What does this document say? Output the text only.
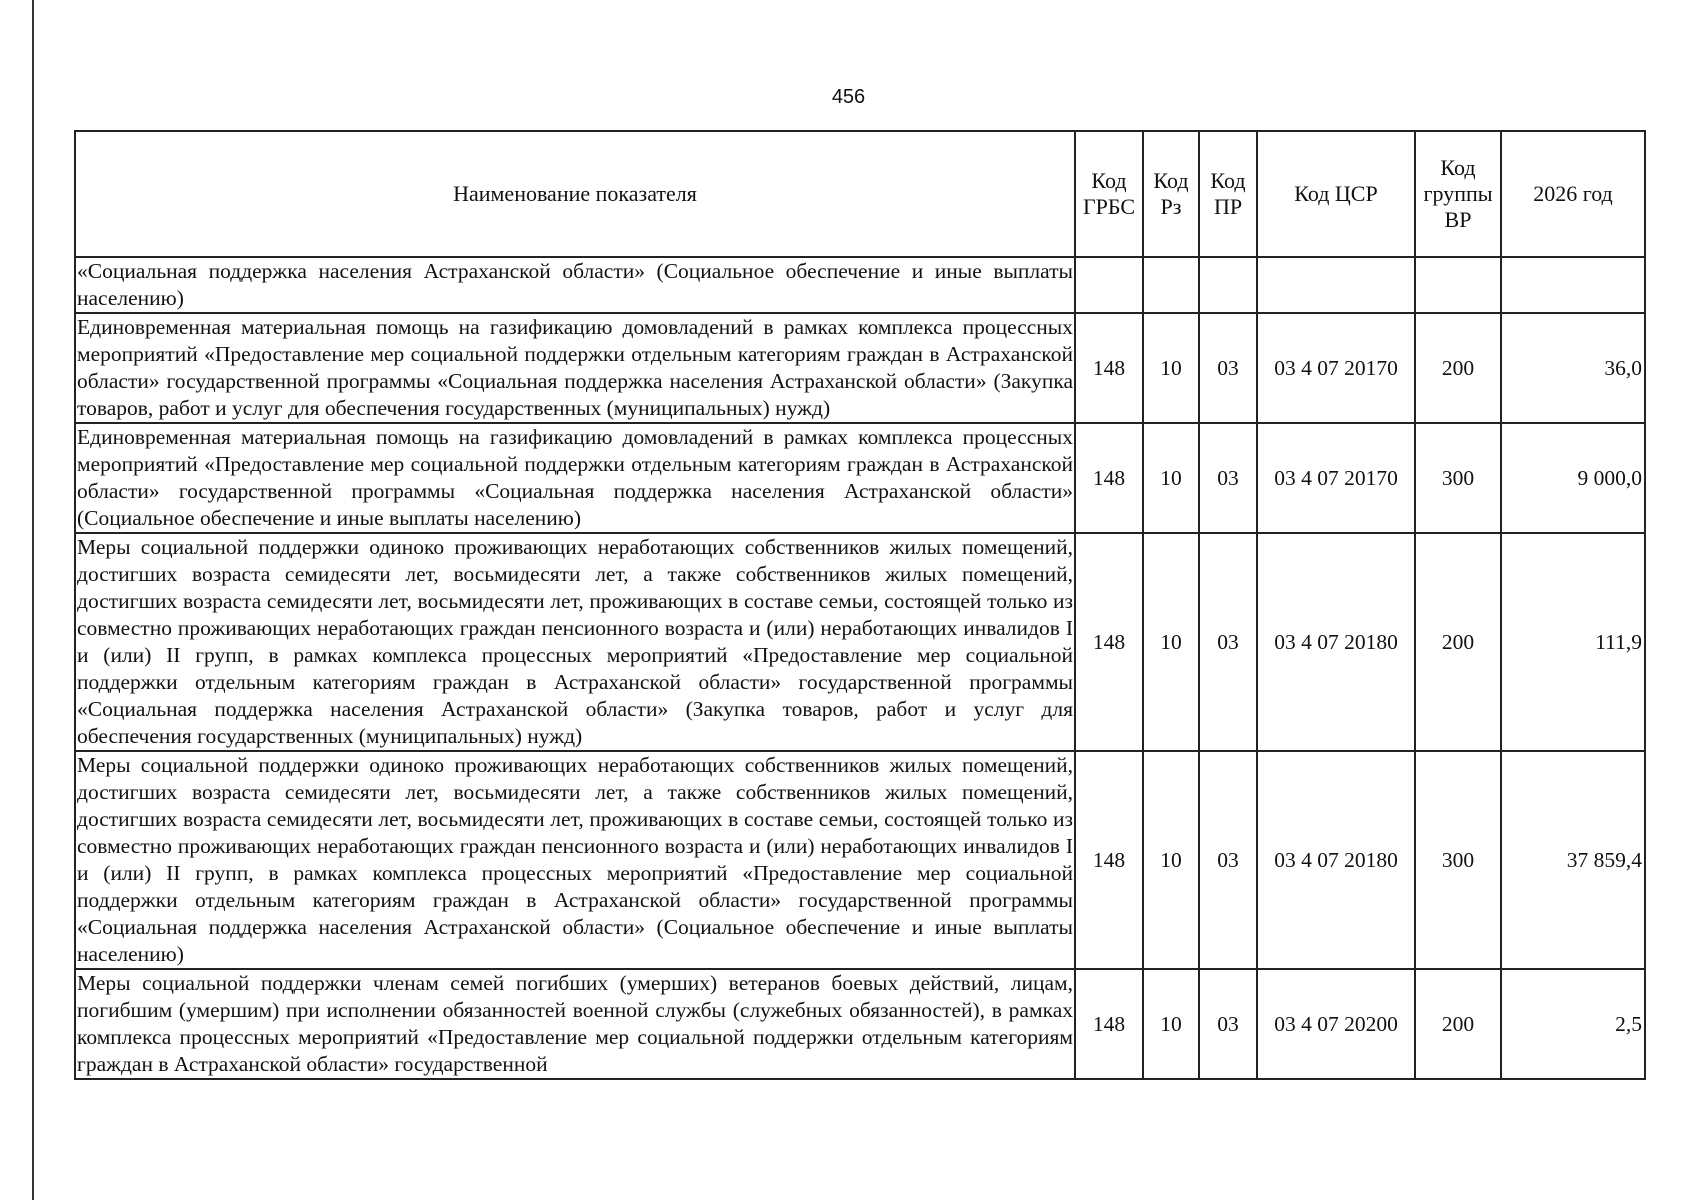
456
Наименование показателя	Код ГРБС	Код Рз	Код ПР	Код ЦСР	Код группы ВР	2026 год
«Социальная поддержка населения Астраханской области» (Социальное обеспечение и иные выплаты населению)						
Единовременная материальная помощь на газификацию домовладений в рамках комплекса процессных мероприятий «Предоставление мер социальной поддержки отдельным категориям граждан в Астраханской области» государственной программы «Социальная поддержка населения Астраханской области» (Закупка товаров, работ и услуг для обеспечения государственных (муниципальных) нужд)	148	10	03	03 4 07 20170	200	36,0
Единовременная материальная помощь на газификацию домовладений в рамках комплекса процессных мероприятий «Предоставление мер социальной поддержки отдельным категориям граждан в Астраханской области» государственной программы «Социальная поддержка населения Астраханской области» (Социальное обеспечение и иные выплаты населению)	148	10	03	03 4 07 20170	300	9 000,0
Меры социальной поддержки одиноко проживающих неработающих собственников жилых помещений, достигших возраста семидесяти лет, восьмидесяти лет, а также собственников жилых помещений, достигших возраста семидесяти лет, восьмидесяти лет, проживающих в составе семьи, состоящей только из совместно проживающих неработающих граждан пенсионного возраста и (или) неработающих инвалидов I и (или) II групп, в рамках комплекса процессных мероприятий «Предоставление мер социальной поддержки отдельным категориям граждан в Астраханской области» государственной программы «Социальная поддержка населения Астраханской области» (Закупка товаров, работ и услуг для обеспечения государственных (муниципальных) нужд)	148	10	03	03 4 07 20180	200	111,9
Меры социальной поддержки одиноко проживающих неработающих собственников жилых помещений, достигших возраста семидесяти лет, восьмидесяти лет, а также собственников жилых помещений, достигших возраста семидесяти лет, восьмидесяти лет, проживающих в составе семьи, состоящей только из совместно проживающих неработающих граждан пенсионного возраста и (или) неработающих инвалидов I и (или) II групп, в рамках комплекса процессных мероприятий «Предоставление мер социальной поддержки отдельным категориям граждан в Астраханской области» государственной программы «Социальная поддержка населения Астраханской области» (Социальное обеспечение и иные выплаты населению)	148	10	03	03 4 07 20180	300	37 859,4
Меры социальной поддержки членам семей погибших (умерших) ветеранов боевых действий, лицам, погибшим (умершим) при исполнении обязанностей военной службы (служебных обязанностей), в рамках комплекса процессных мероприятий «Предоставление мер социальной поддержки отдельным категориям граждан в Астраханской области» государственной	148	10	03	03 4 07 20200	200	2,5
